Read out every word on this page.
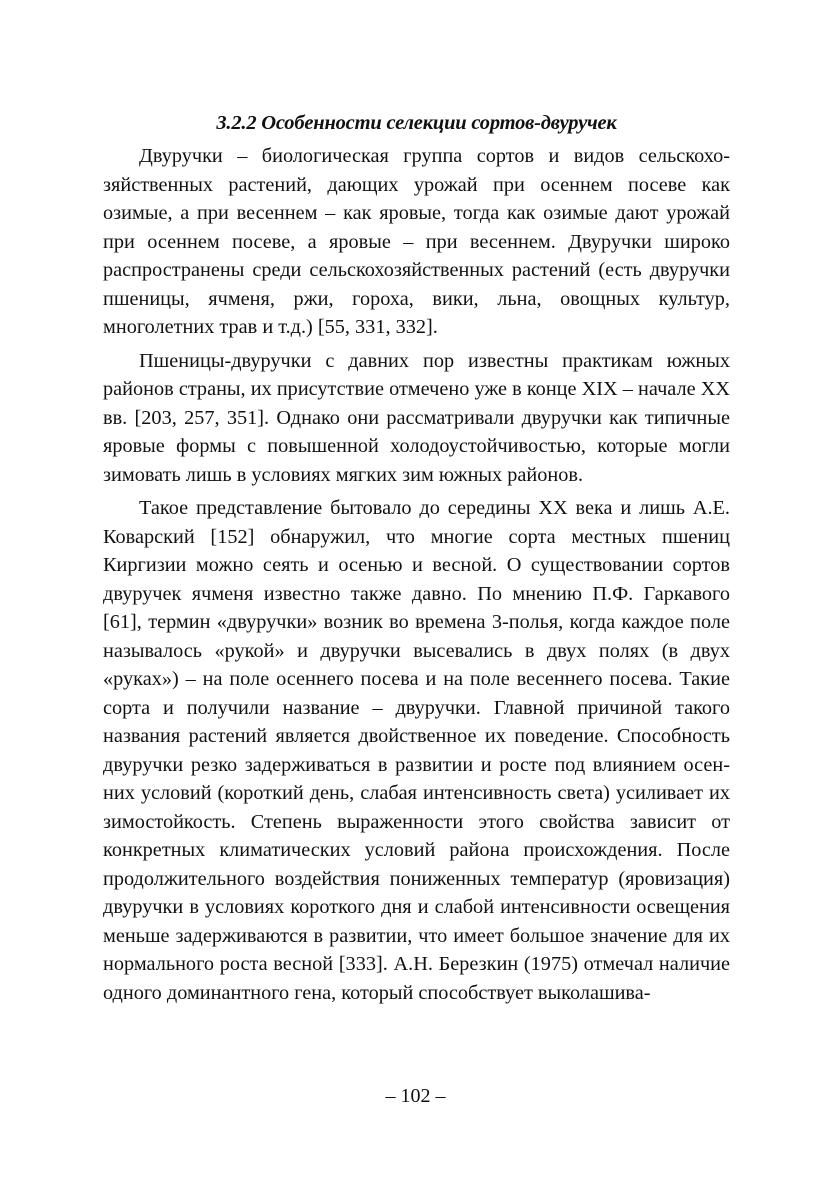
3.2.2 Особенности селекции сортов-двуручек

Двуручки – биологическая группа сортов и видов сельскохозяйственных растений, дающих урожай при осеннем посеве как озимые, а при весеннем – как яровые, тогда как озимые дают урожай при осеннем посеве, а яровые – при весеннем. Двуручки широко распространены среди сельскохозяйственных растений (есть двуручки пшеницы, ячменя, ржи, гороха, вики, льна, овощных культур, многолетних трав и т.д.) [55, 331, 332].

Пшеницы-двуручки с давних пор известны практикам южных районов страны, их присутствие отмечено уже в конце XIX – начале XX вв. [203, 257, 351]. Однако они рассматривали двуручки как типичные яровые формы с повышенной холодоустойчивостью, которые могли зимовать лишь в условиях мягких зим южных районов.

Такое представление бытовало до середины XX века и лишь А.Е. Коварский [152] обнаружил, что многие сорта местных пшениц Киргизии можно сеять и осенью и весной. О существовании сортов двуручек ячменя известно также давно. По мнению П.Ф. Гаркавого [61], термин «двуручки» возник во времена 3-полья, когда каждое поле называлось «рукой» и двуручки высевались в двух полях (в двух «руках») – на поле осеннего посева и на поле весеннего посева. Такие сорта и получили название – двуручки. Главной причиной такого названия растений является двойственное их поведение. Способность двуручки резко задерживаться в развитии и росте под влиянием осенних условий (короткий день, слабая интенсивность света) усиливает их зимостойкость. Степень выраженности этого свойства зависит от конкретных климатических условий района происхождения. После продолжительного воздействия пониженных температур (яровизация) двуручки в условиях короткого дня и слабой интенсивности освещения меньше задерживаются в развитии, что имеет большое значение для их нормального роста весной [333]. А.Н. Березкин (1975) отмечал наличие одного доминантного гена, который способствует выколашива-

– 102 –
